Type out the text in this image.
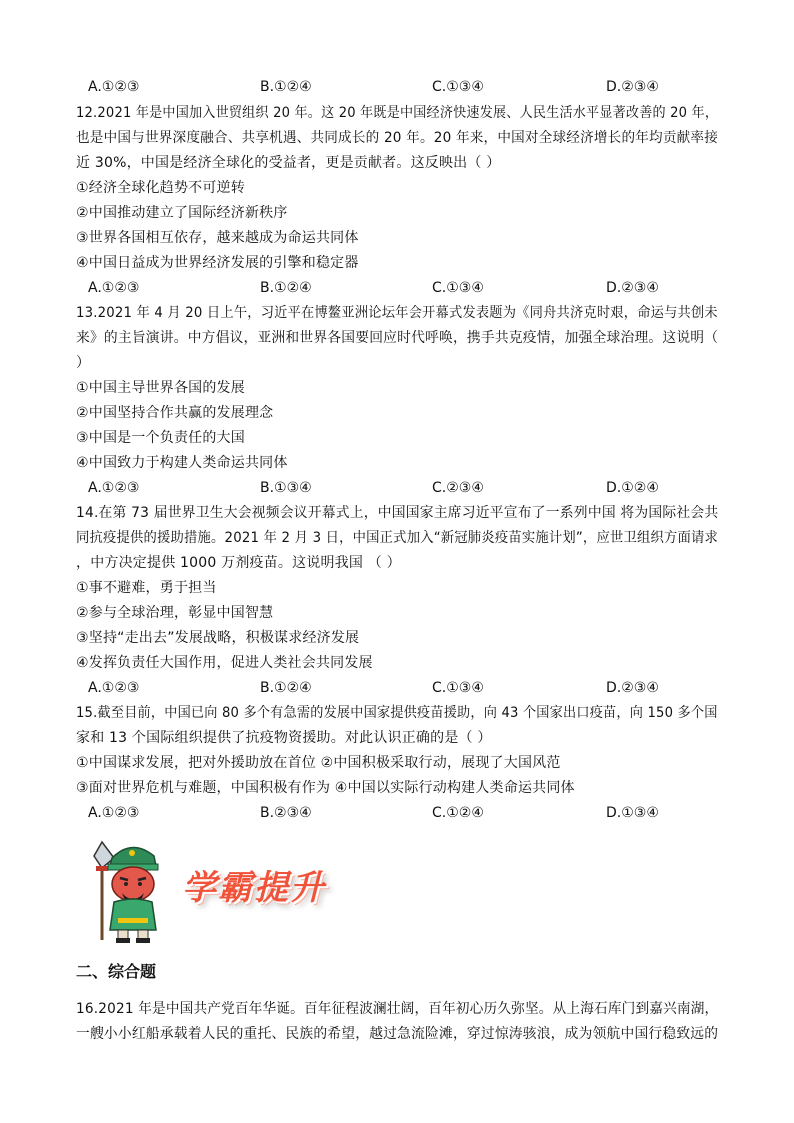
A.①②③	B.①②④	C.①③④	D.②③④
12.2021 年是中国加入世贸组织 20 年。这 20 年既是中国经济快速发展、人民生活水平显著改善的 20 年，
也是中国与世界深度融合、共享机遇、共同成长的 20 年。20 年来，中国对全球经济增长的年均贡献率接
近 30%，中国是经济全球化的受益者，更是贡献者。这反映出（ ）
①经济全球化趋势不可逆转
②中国推动建立了国际经济新秩序
③世界各国相互依存，越来越成为命运共同体
④中国日益成为世界经济发展的引擎和稳定器
A.①②③	B.①②④	C.①③④	D.②③④
13.2021 年 4 月 20 日上午，习近平在博鳌亚洲论坛年会开幕式发表题为《同舟共济克时艰，命运与共创未
来》的主旨演讲。中方倡议，亚洲和世界各国要回应时代呼唤，携手共克疫情，加强全球治理。这说明（
）
①中国主导世界各国的发展
②中国坚持合作共赢的发展理念
③中国是一个负责任的大国
④中国致力于构建人类命运共同体
A.①②③	B.①③④	C.②③④	D.①②④
14.在第 73 届世界卫生大会视频会议开幕式上，中国国家主席习近平宣布了一系列中国 将为国际社会共
同抗疫提供的援助措施。2021 年 2 月 3 日，中国正式加入“新冠肺炎疫苗实施计划”，应世卫组织方面请求
，中方决定提供 1000 万剂疫苗。这说明我国 （ ）
①事不避难，勇于担当
②参与全球治理，彰显中国智慧
③坚持“走出去”发展战略，积极谋求经济发展
④发挥负责任大国作用，促进人类社会共同发展
A.①②③	B.①②④	C.①③④	D.②③④
15.截至目前，中国已向 80 多个有急需的发展中国家提供疫苗援助，向 43 个国家出口疫苗，向 150 多个国
家和 13 个国际组织提供了抗疫物资援助。对此认识正确的是（ ）
①中国谋求发展，把对外援助放在首位 ②中国积极采取行动，展现了大国风范
③面对世界危机与难题，中国积极有作为 ④中国以实际行动构建人类命运共同体
A.①②③	B.②③④	C.①②④	D.①③④
学霸提升
二、综合题
16.2021 年是中国共产党百年华诞。百年征程波澜壮阔，百年初心历久弥坚。从上海石库门到嘉兴南湖，
一艘小小红船承载着人民的重托、民族的希望，越过急流险滩，穿过惊涛骇浪，成为领航中国行稳致远的
